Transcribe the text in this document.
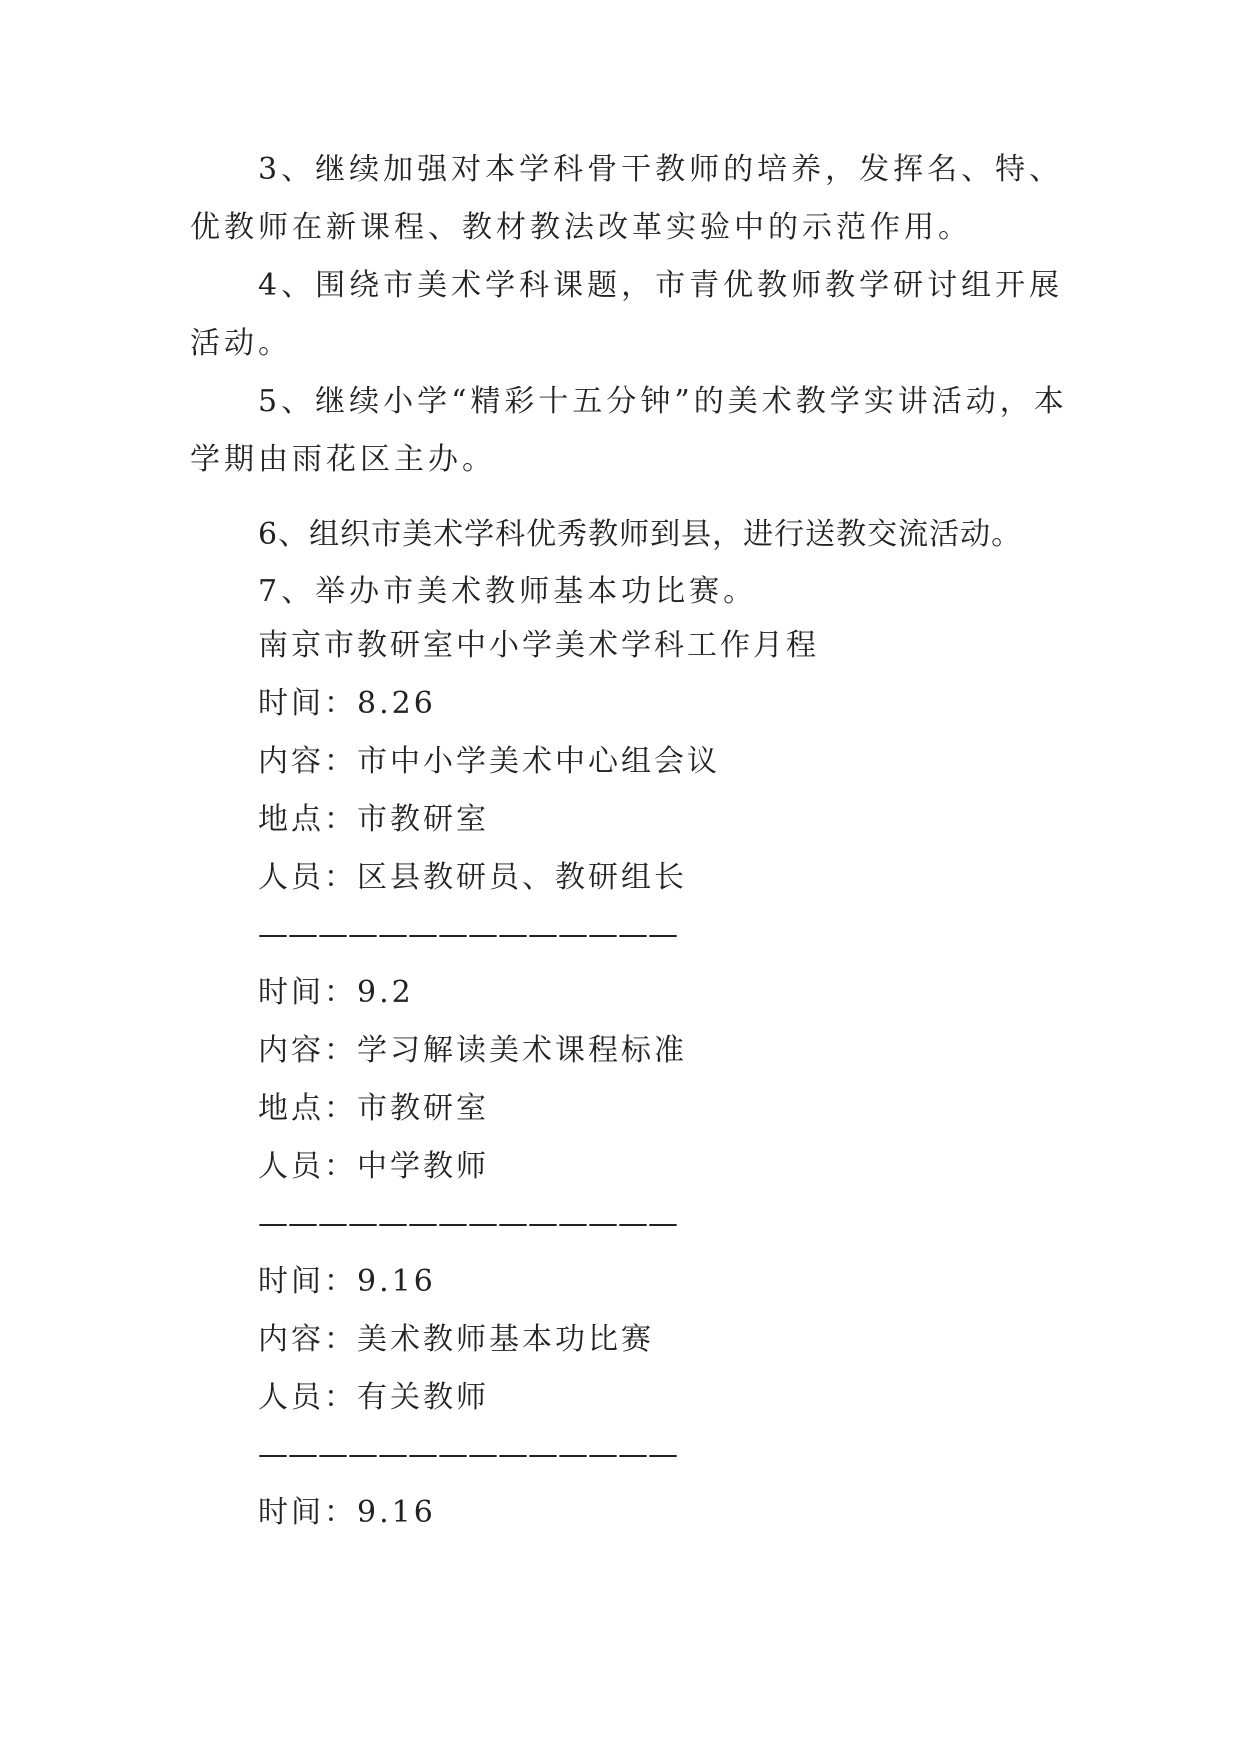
3、继续加强对本学科骨干教师的培养，发挥名、特、优教师在新课程、教材教法改革实验中的示范作用。

4、围绕市美术学科课题，市青优教师教学研讨组开展活动。

5、继续小学“精彩十五分钟”的美术教学实讲活动，本学期由雨花区主办。

6、组织市美术学科优秀教师到县，进行送教交流活动。

7、举办市美术教师基本功比赛。

南京市教研室中小学美术学科工作月程

时间：8.26

内容：市中小学美术中心组会议

地点：市教研室

人员：区县教研员、教研组长

——————————————

时间：9.2

内容：学习解读美术课程标准

地点：市教研室

人员：中学教师

——————————————

时间：9.16

内容：美术教师基本功比赛

人员：有关教师

——————————————

时间：9.16
